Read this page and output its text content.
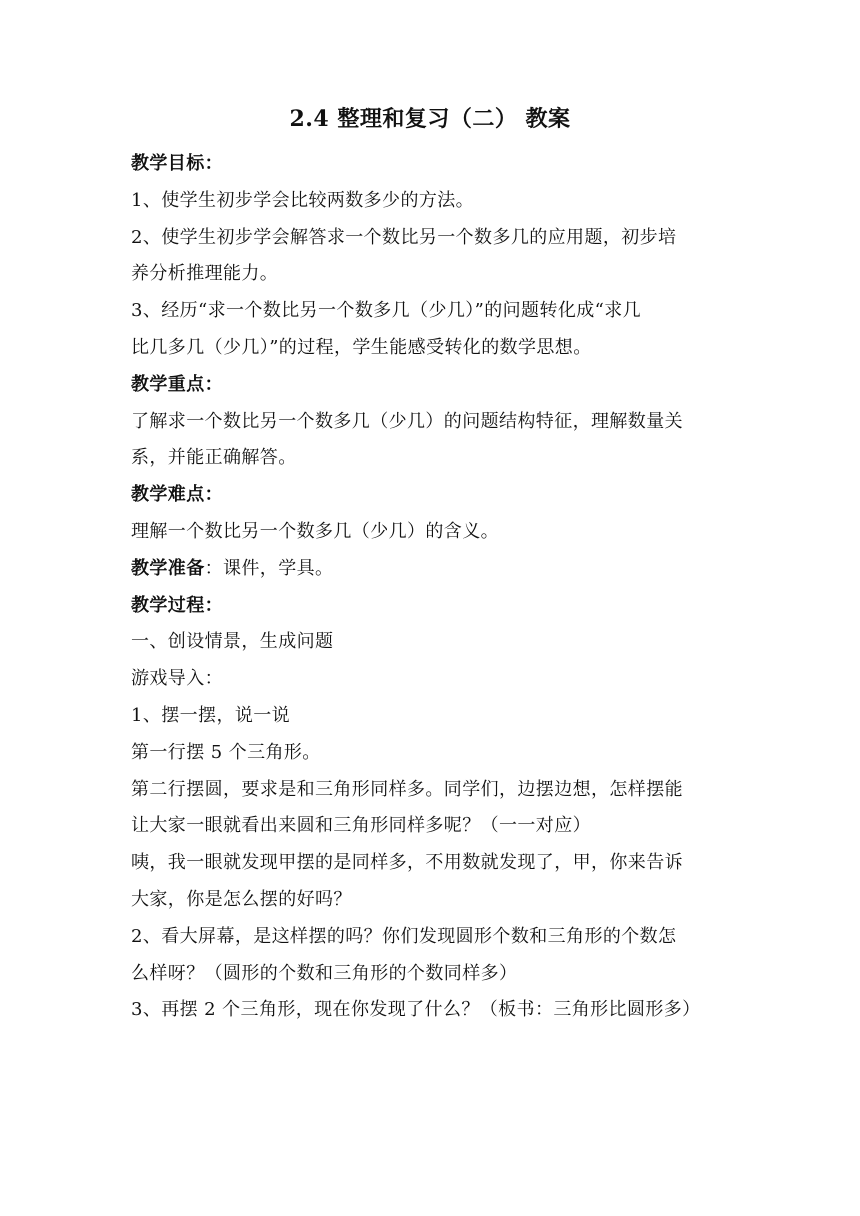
2.4 整理和复习（二） 教案
教学目标：
1、使学生初步学会比较两数多少的方法。
2、使学生初步学会解答求一个数比另一个数多几的应用题，初步培
养分析推理能力。
3、经历“求一个数比另一个数多几（少几）”的问题转化成“求几
比几多几（少几）”的过程，学生能感受转化的数学思想。
教学重点：
了解求一个数比另一个数多几（少几）的问题结构特征，理解数量关
系，并能正确解答。
教学难点：
理解一个数比另一个数多几（少几）的含义。
教学准备：课件，学具。
教学过程：
一、创设情景，生成问题
游戏导入：
1、摆一摆，说一说
第一行摆 5 个三角形。
第二行摆圆，要求是和三角形同样多。同学们，边摆边想，怎样摆能
让大家一眼就看出来圆和三角形同样多呢？（一一对应）
咦，我一眼就发现甲摆的是同样多，不用数就发现了，甲，你来告诉
大家，你是怎么摆的好吗？
2、看大屏幕，是这样摆的吗？你们发现圆形个数和三角形的个数怎
么样呀？（圆形的个数和三角形的个数同样多）
3、再摆 2 个三角形，现在你发现了什么？（板书：三角形比圆形多）
